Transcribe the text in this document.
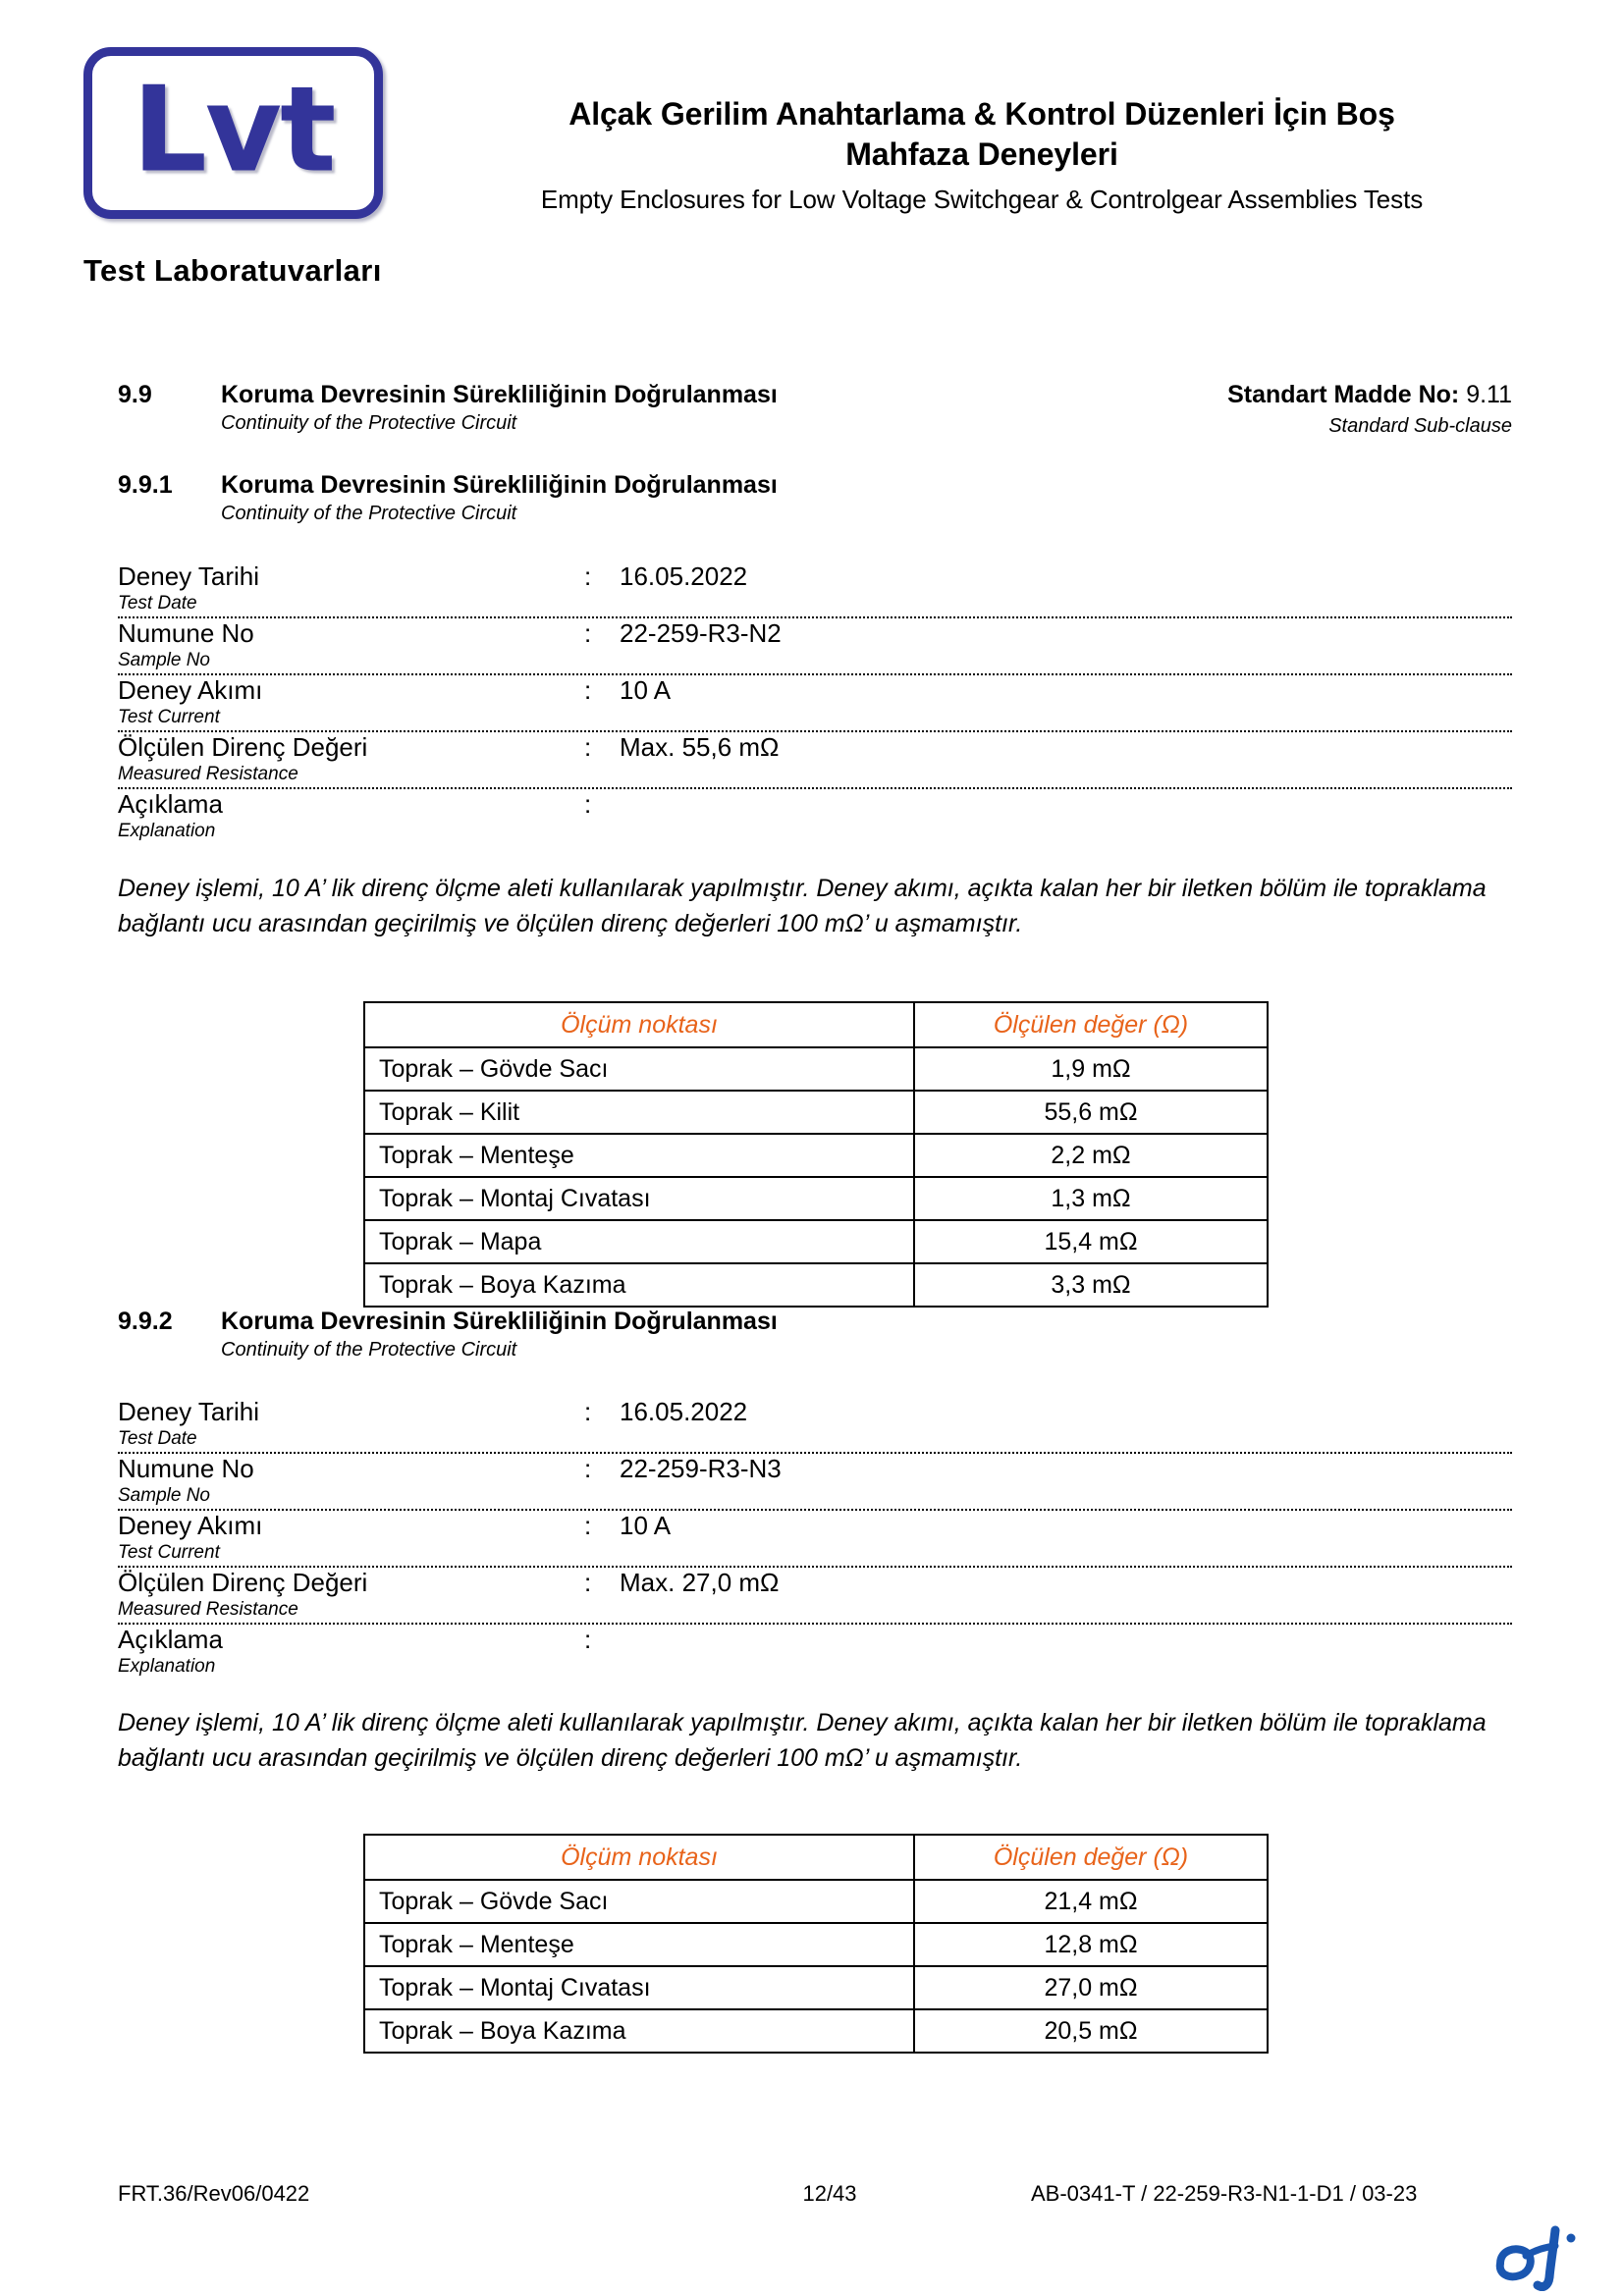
Lvt
Test Laboratuvarları
Alçak Gerilim Anahtarlama & Kontrol Düzenleri İçin Boş
Mahfaza Deneyleri
Empty Enclosures for Low Voltage Switchgear & Controlgear Assemblies Tests
9.9	Koruma Devresinin Sürekliliğinin Doğrulanması	Standart Madde No: 9.11
Continuity of the Protective Circuit	Standard Sub-clause
9.9.1	Koruma Devresinin Sürekliliğinin Doğrulanması
Continuity of the Protective Circuit
Deney Tarihi	:	16.05.2022
Test Date
Numune No	:	22-259-R3-N2
Sample No
Deney Akımı	:	10 A
Test Current
Ölçülen Direnç Değeri	:	Max. 55,6 mΩ
Measured Resistance
Açıklama	:
Explanation
Deney işlemi, 10 A’ lik direnç ölçme aleti kullanılarak yapılmıştır. Deney akımı, açıkta kalan her bir iletken bölüm ile topraklama bağlantı ucu arasından geçirilmiş ve ölçülen direnç değerleri 100 mΩ’ u aşmamıştır.
Ölçüm noktası	Ölçülen değer (Ω)
Toprak – Gövde Sacı	1,9 mΩ
Toprak – Kilit	55,6 mΩ
Toprak – Menteşe	2,2 mΩ
Toprak – Montaj Cıvatası	1,3 mΩ
Toprak – Mapa	15,4 mΩ
Toprak – Boya Kazıma	3,3 mΩ
9.9.2	Koruma Devresinin Sürekliliğinin Doğrulanması
Continuity of the Protective Circuit
Deney Tarihi	:	16.05.2022
Test Date
Numune No	:	22-259-R3-N3
Sample No
Deney Akımı	:	10 A
Test Current
Ölçülen Direnç Değeri	:	Max. 27,0 mΩ
Measured Resistance
Açıklama	:
Explanation
Deney işlemi, 10 A’ lik direnç ölçme aleti kullanılarak yapılmıştır. Deney akımı, açıkta kalan her bir iletken bölüm ile topraklama bağlantı ucu arasından geçirilmiş ve ölçülen direnç değerleri 100 mΩ’ u aşmamıştır.
Ölçüm noktası	Ölçülen değer (Ω)
Toprak – Gövde Sacı	21,4 mΩ
Toprak – Menteşe	12,8 mΩ
Toprak – Montaj Cıvatası	27,0 mΩ
Toprak – Boya Kazıma	20,5 mΩ
FRT.36/Rev06/0422	12/43	AB-0341-T / 22-259-R3-N1-1-D1 / 03-23
